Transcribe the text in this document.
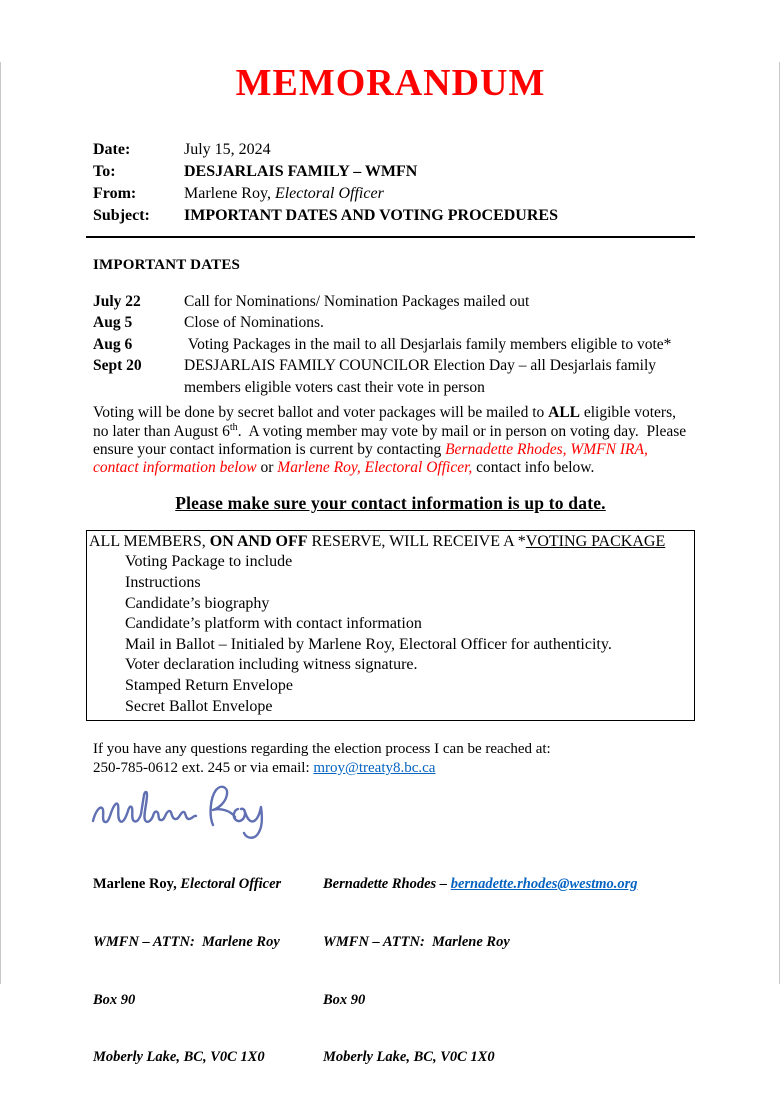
MEMORANDUM
Date:	July 15, 2024
To:	DESJARLAIS FAMILY – WMFN
From:	Marlene Roy, Electoral Officer
Subject:	IMPORTANT DATES AND VOTING PROCEDURES
IMPORTANT DATES
July 22	Call for Nominations/ Nomination Packages mailed out
Aug 5	Close of Nominations.
Aug 6	Voting Packages in the mail to all Desjarlais family members eligible to vote*
Sept 20	DESJARLAIS FAMILY COUNCILOR Election Day – all Desjarlais family members eligible voters cast their vote in person

Voting will be done by secret ballot and voter packages will be mailed to ALL eligible voters, no later than August 6th.  A voting member may vote by mail or in person on voting day.  Please ensure your contact information is current by contacting Bernadette Rhodes, WMFN IRA, contact information below or Marlene Roy, Electoral Officer, contact info below.

Please make sure your contact information is up to date.

ALL MEMBERS, ON AND OFF RESERVE, WILL RECEIVE A *VOTING PACKAGE
Voting Package to include
Instructions
Candidate’s biography
Candidate’s platform with contact information
Mail in Ballot – Initialed by Marlene Roy, Electoral Officer for authenticity.
Voter declaration including witness signature.
Stamped Return Envelope
Secret Ballot Envelope

If you have any questions regarding the election process I can be reached at:
250-785-0612 ext. 245 or via email: mroy@treaty8.bc.ca

Marlene Roy, Electoral Officer

WMFN – ATTN:  Marlene Roy

Box 90

Moberly Lake, BC, V0C 1X0

Bernadette Rhodes – bernadette.rhodes@westmo.org

WMFN – ATTN:  Marlene Roy

Box 90

Moberly Lake, BC, V0C 1X0
